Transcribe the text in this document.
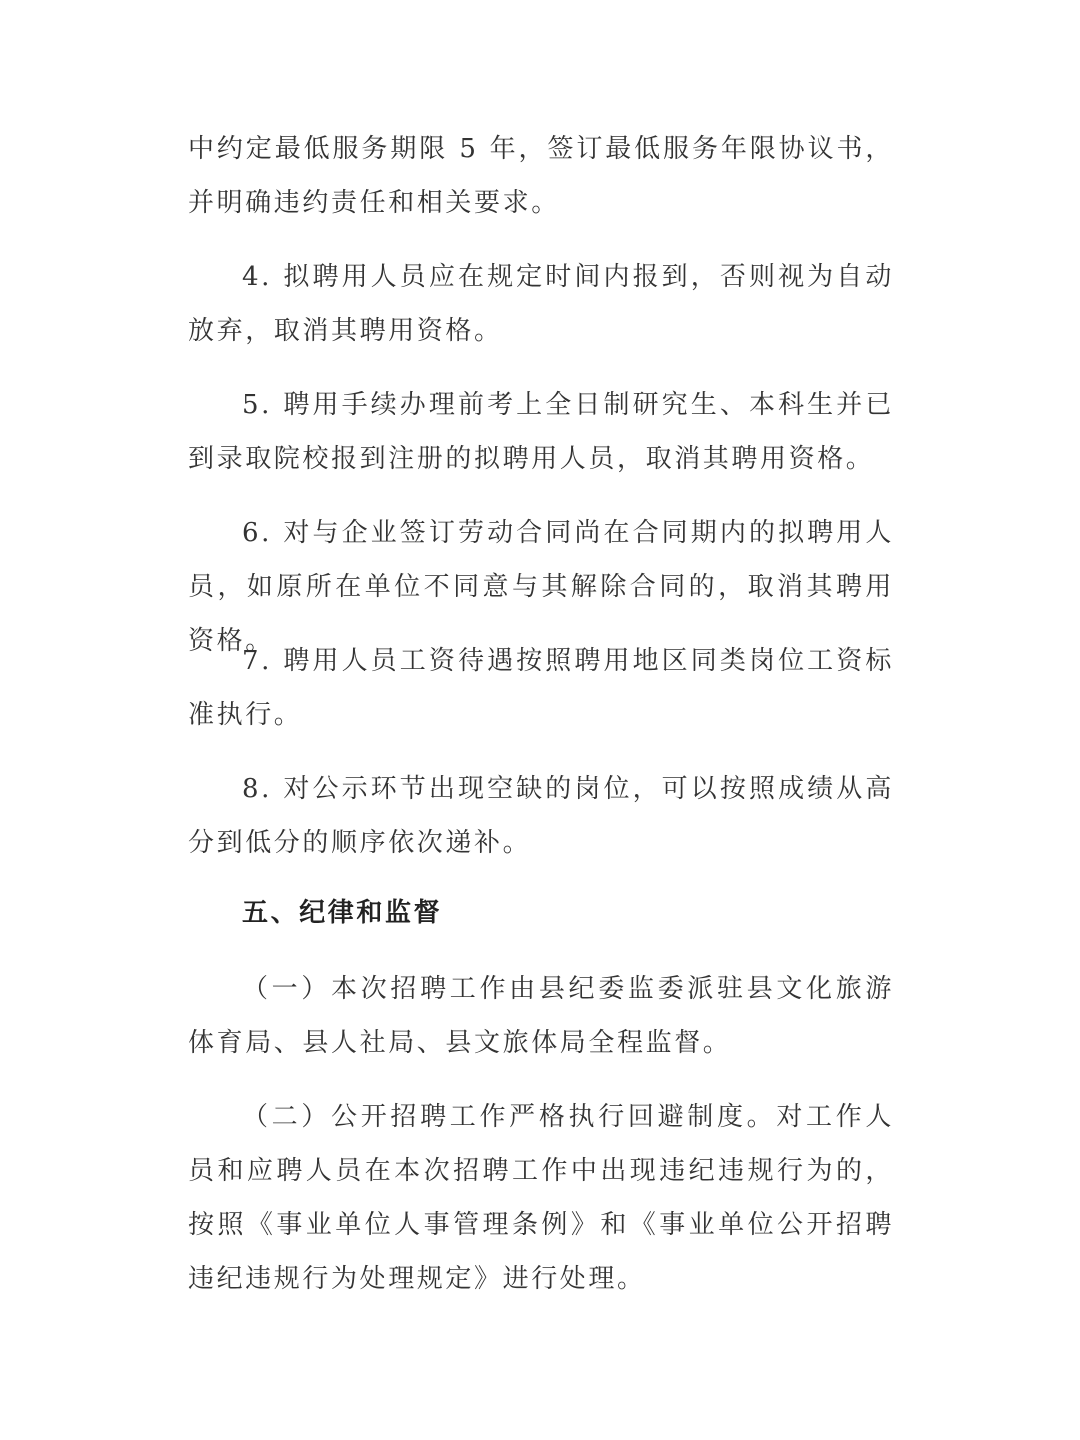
中约定最低服务期限 5 年，签订最低服务年限协议书，并明确违约责任和相关要求。

4. 拟聘用人员应在规定时间内报到，否则视为自动放弃，取消其聘用资格。

5. 聘用手续办理前考上全日制研究生、本科生并已到录取院校报到注册的拟聘用人员，取消其聘用资格。

6. 对与企业签订劳动合同尚在合同期内的拟聘用人员，如原所在单位不同意与其解除合同的，取消其聘用资格。

7. 聘用人员工资待遇按照聘用地区同类岗位工资标准执行。

8. 对公示环节出现空缺的岗位，可以按照成绩从高分到低分的顺序依次递补。

五、纪律和监督

（一）本次招聘工作由县纪委监委派驻县文化旅游体育局、县人社局、县文旅体局全程监督。

（二）公开招聘工作严格执行回避制度。对工作人员和应聘人员在本次招聘工作中出现违纪违规行为的，按照《事业单位人事管理条例》和《事业单位公开招聘违纪违规行为处理规定》进行处理。
